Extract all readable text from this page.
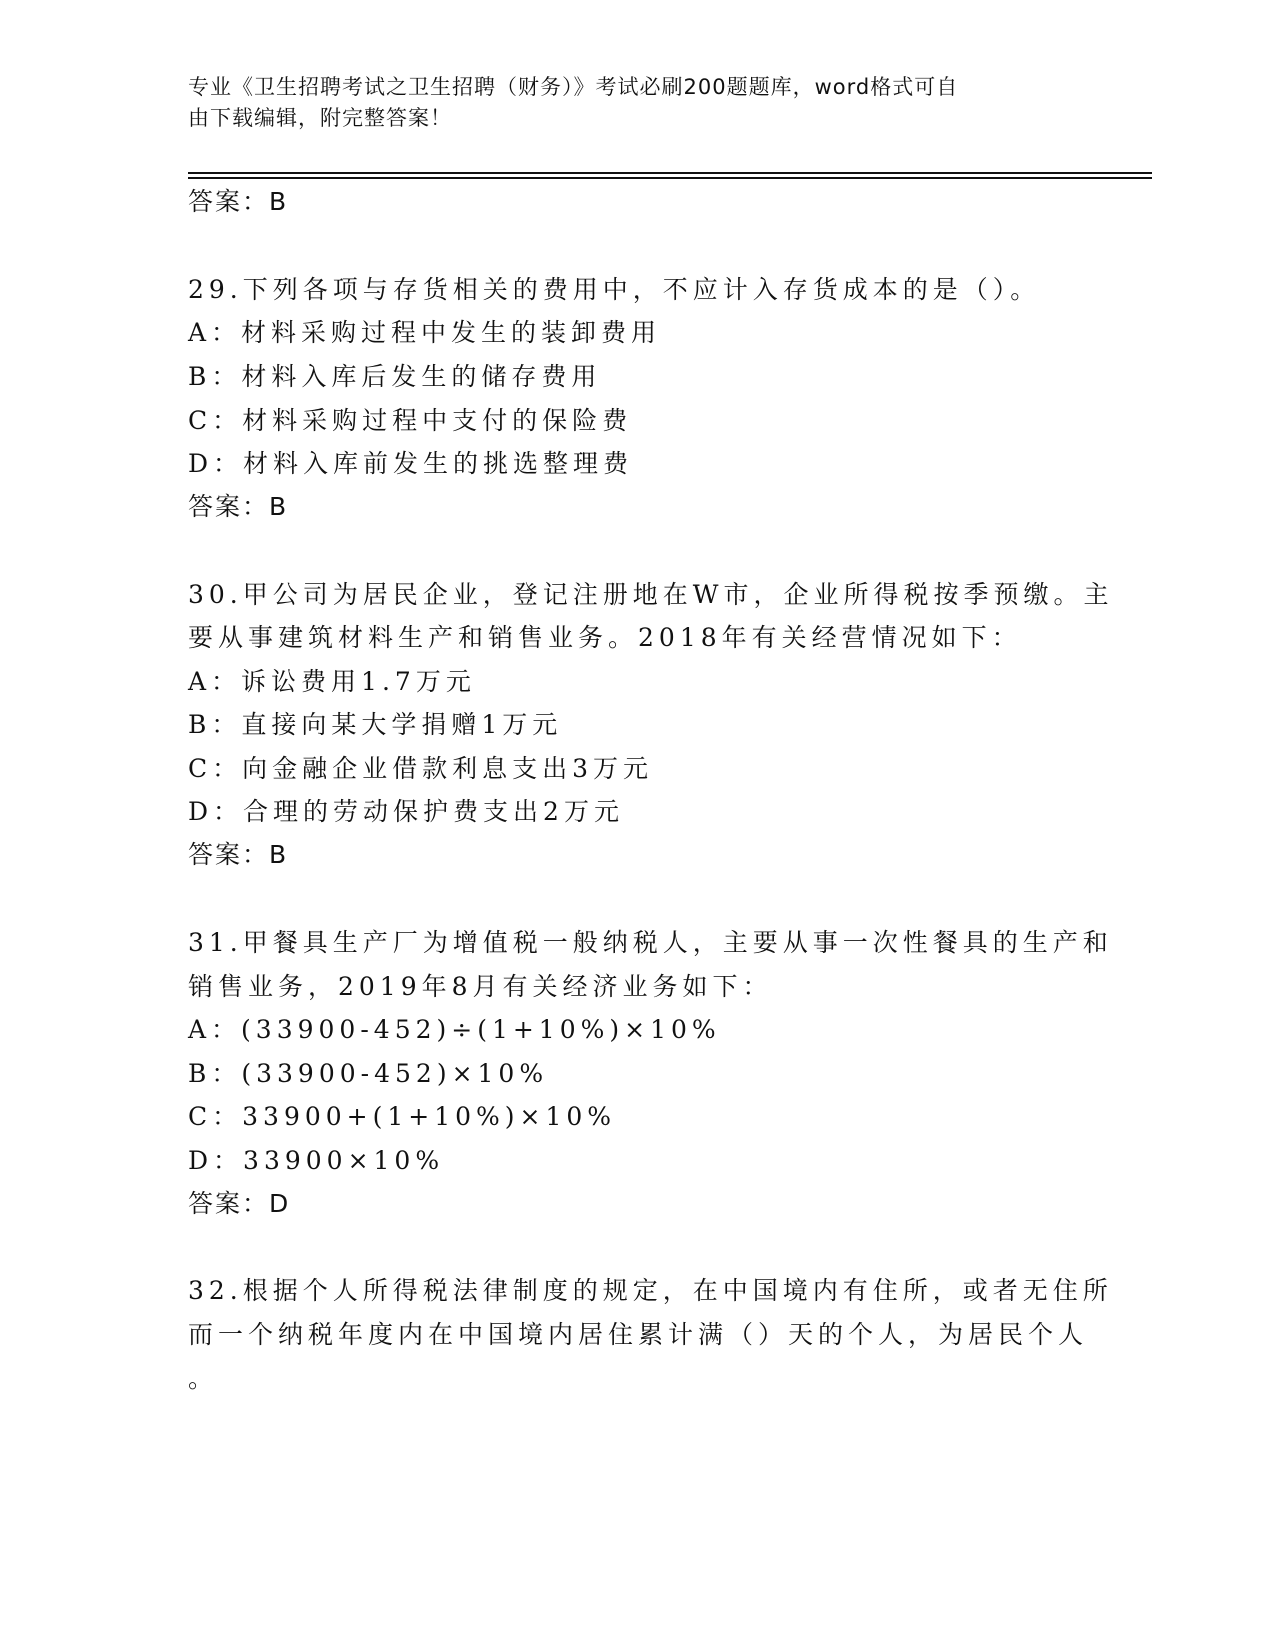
专业《卫生招聘考试之卫生招聘（财务）》考试必刷200题题库，word格式可自
由下载编辑，附完整答案！
答案：B
29.下列各项与存货相关的费用中，不应计入存货成本的是（）。
A：材料采购过程中发生的装卸费用
B：材料入库后发生的储存费用
C：材料采购过程中支付的保险费
D：材料入库前发生的挑选整理费
答案：B
30.甲公司为居民企业，登记注册地在W市，企业所得税按季预缴。主
要从事建筑材料生产和销售业务。2018年有关经营情况如下：
A：诉讼费用1.7万元
B：直接向某大学捐赠1万元
C：向金融企业借款利息支出3万元
D：合理的劳动保护费支出2万元
答案：B
31.甲餐具生产厂为增值税一般纳税人，主要从事一次性餐具的生产和
销售业务，2019年8月有关经济业务如下：
A：(33900-452)÷(1+10%)×10%
B：(33900-452)×10%
C：33900+(1+10%)×10%
D：33900×10%
答案：D
32.根据个人所得税法律制度的规定，在中国境内有住所，或者无住所
而一个纳税年度内在中国境内居住累计满（）天的个人，为居民个人
。
